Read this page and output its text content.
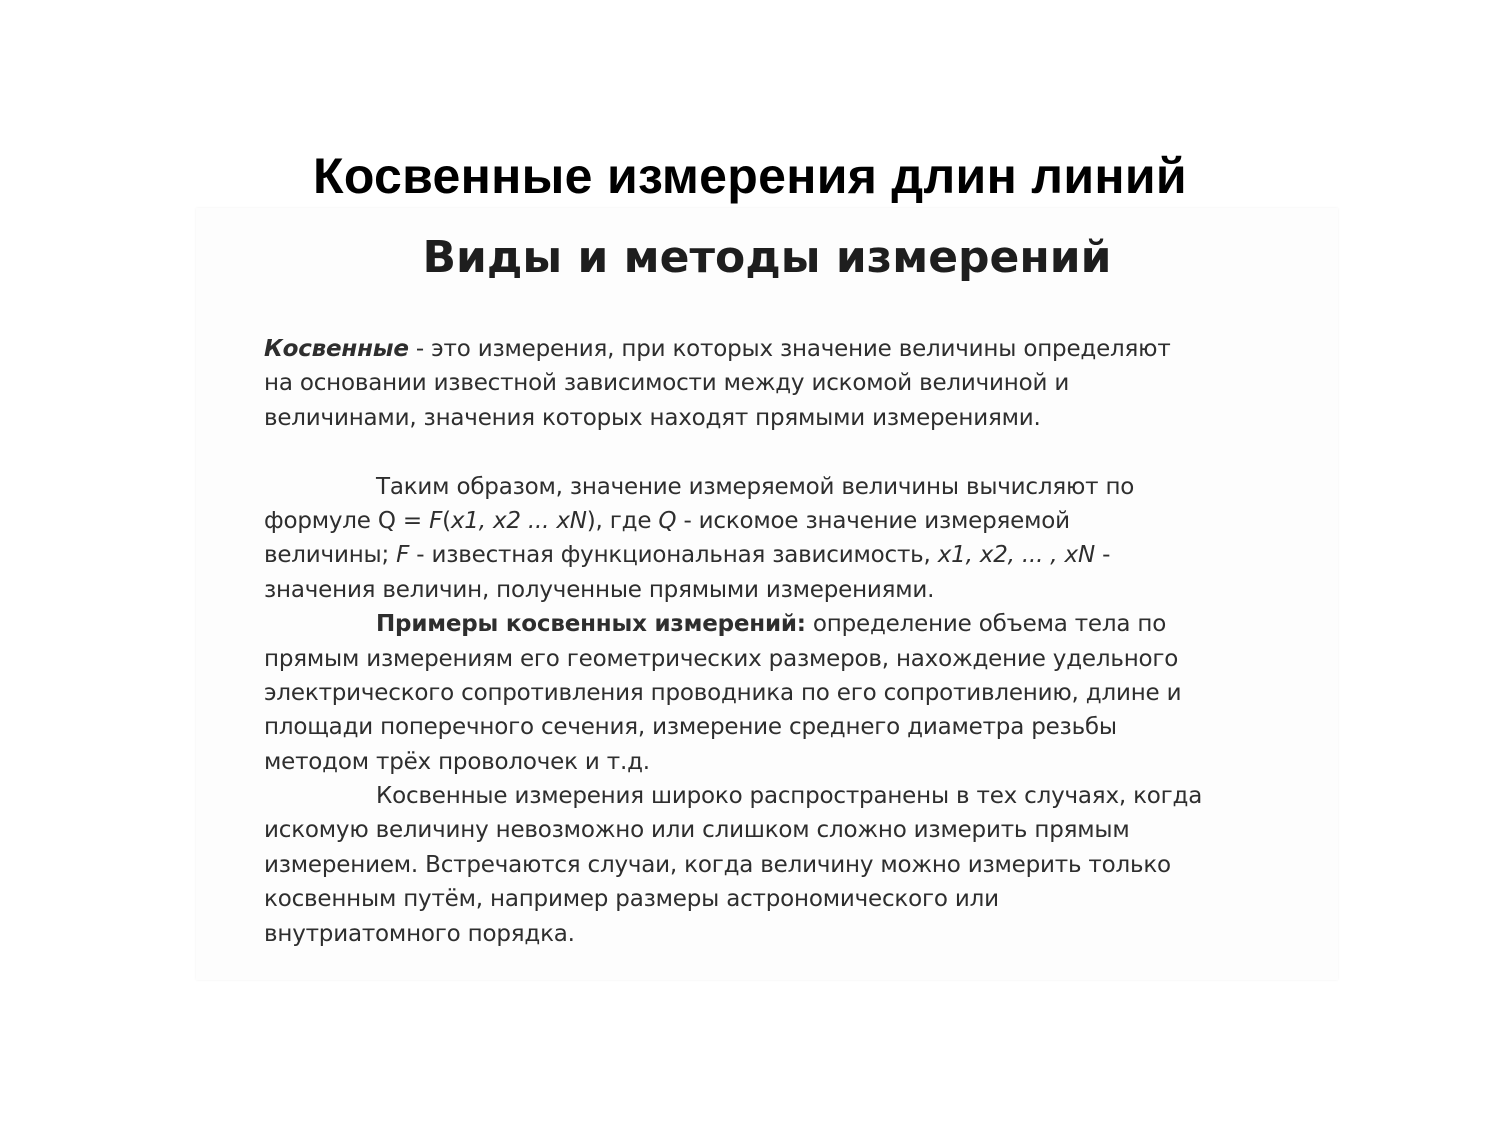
Косвенные измерения длин линий
Виды и методы измерений
Косвенные - это измерения, при которых значение величины определяют
на основании известной зависимости между искомой величиной и
величинами, значения которых находят прямыми измерениями.
Таким образом, значение измеряемой величины вычисляют по
формуле Q = F(x1, x2 ... xN), где Q - искомое значение измеряемой
величины; F - известная функциональная зависимость, x1, x2, ... , xN -
значения величин, полученные прямыми измерениями.
Примеры косвенных измерений: определение объема тела по
прямым измерениям его геометрических размеров, нахождение удельного
электрического сопротивления проводника по его сопротивлению, длине и
площади поперечного сечения, измерение среднего диаметра резьбы
методом трёх проволочек и т.д.
Косвенные измерения широко распространены в тех случаях, когда
искомую величину невозможно или слишком сложно измерить прямым
измерением. Встречаются случаи, когда величину можно измерить только
косвенным путём, например размеры астрономического или
внутриатомного порядка.
